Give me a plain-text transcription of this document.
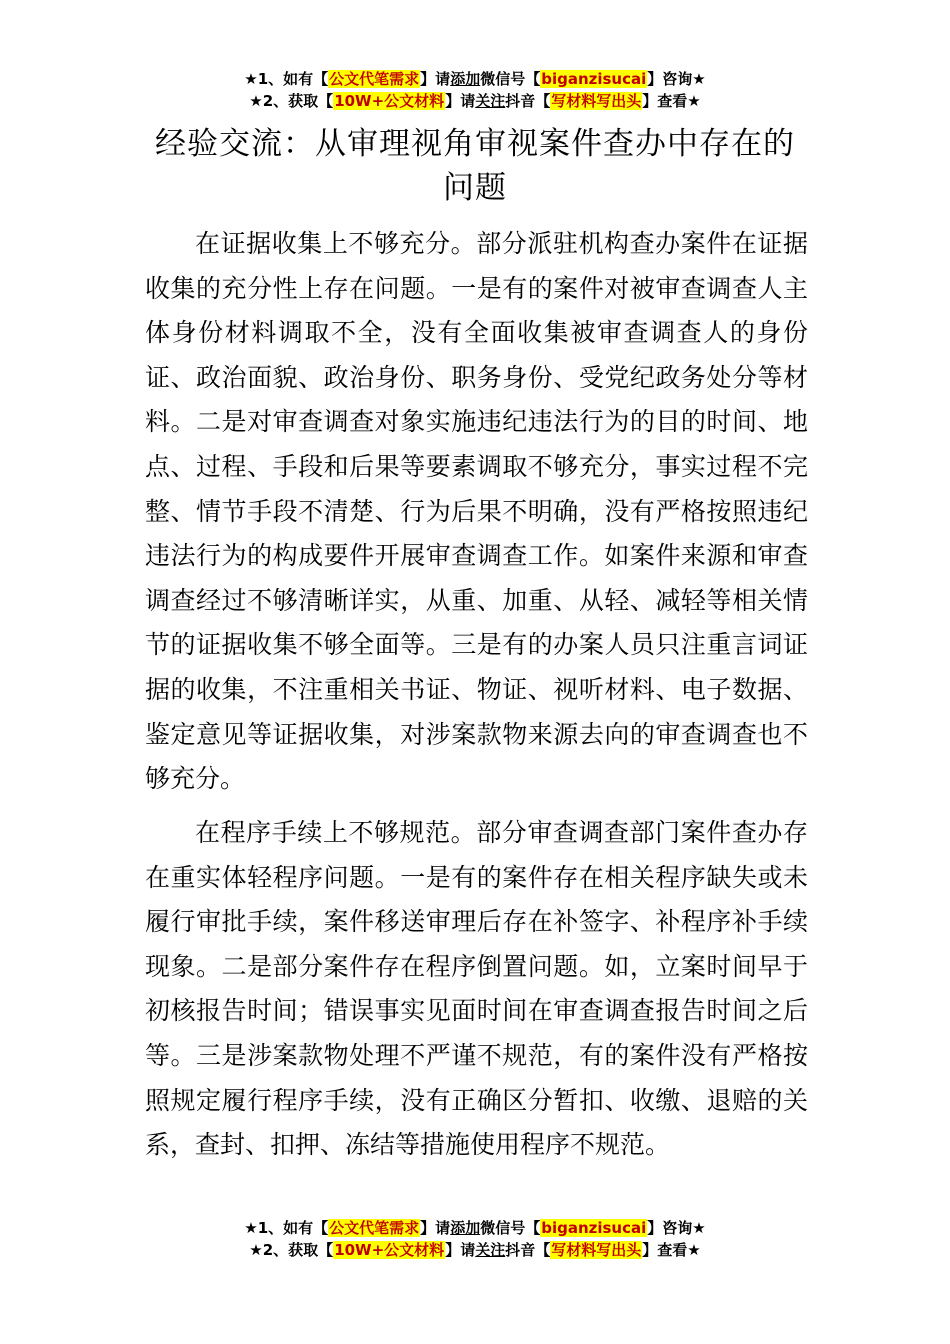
★1、如有【公文代笔需求】请添加微信号【biganzisucai】咨询★
★2、获取【10W+公文材料】请关注抖音【写材料写出头】查看★
经验交流：从审理视角审视案件查办中存在的问题

在证据收集上不够充分。部分派驻机构查办案件在证据收集的充分性上存在问题。一是有的案件对被审查调查人主体身份材料调取不全，没有全面收集被审查调查人的身份证、政治面貌、政治身份、职务身份、受党纪政务处分等材料。二是对审查调查对象实施违纪违法行为的目的时间、地点、过程、手段和后果等要素调取不够充分，事实过程不完整、情节手段不清楚、行为后果不明确，没有严格按照违纪违法行为的构成要件开展审查调查工作。如案件来源和审查调查经过不够清晰详实，从重、加重、从轻、减轻等相关情节的证据收集不够全面等。三是有的办案人员只注重言词证据的收集，不注重相关书证、物证、视听材料、电子数据、鉴定意见等证据收集，对涉案款物来源去向的审查调查也不够充分。

在程序手续上不够规范。部分审查调查部门案件查办存在重实体轻程序问题。一是有的案件存在相关程序缺失或未履行审批手续，案件移送审理后存在补签字、补程序补手续现象。二是部分案件存在程序倒置问题。如，立案时间早于初核报告时间；错误事实见面时间在审查调查报告时间之后等。三是涉案款物处理不严谨不规范，有的案件没有严格按照规定履行程序手续，没有正确区分暂扣、收缴、退赔的关系，查封、扣押、冻结等措施使用程序不规范。

★1、如有【公文代笔需求】请添加微信号【biganzisucai】咨询★
★2、获取【10W+公文材料】请关注抖音【写材料写出头】查看★
